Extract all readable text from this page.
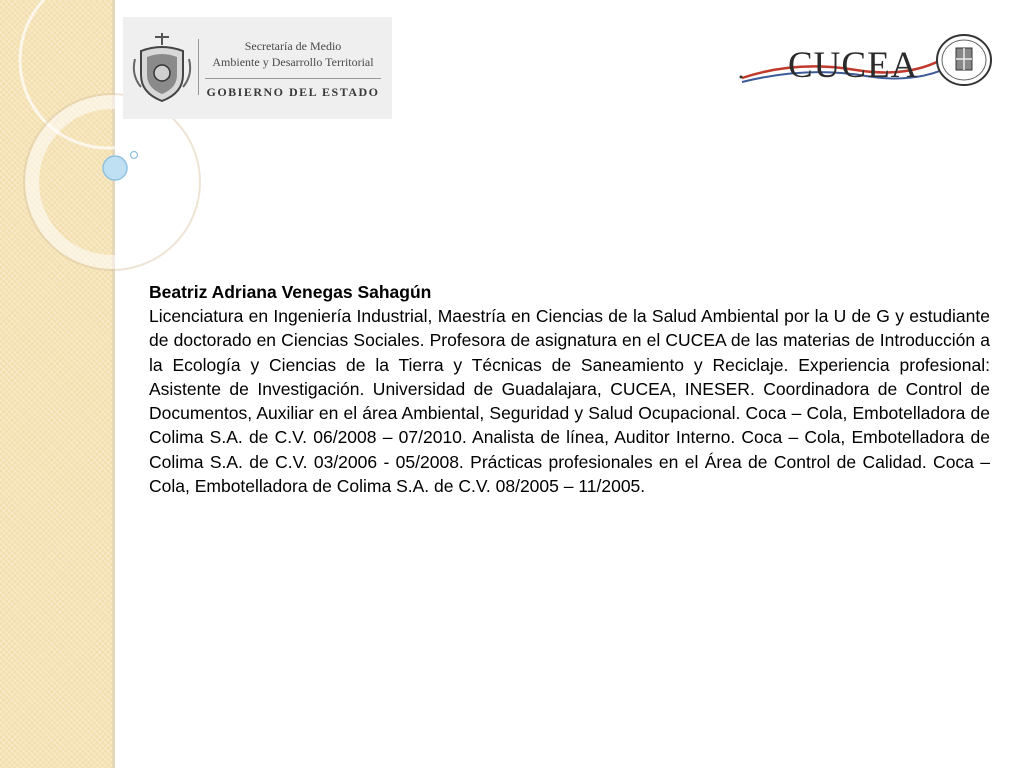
Secretaría de Medio
Ambiente y Desarrollo Territorial
GOBIERNO DEL ESTADO
CUCEA
Beatriz Adriana Venegas Sahagún

Licenciatura en Ingeniería Industrial, Maestría en Ciencias de la Salud Ambiental por la U de G y estudiante de doctorado en Ciencias Sociales. Profesora de asignatura en el CUCEA de las materias de Introducción a la Ecología y Ciencias de la Tierra y Técnicas de Saneamiento y Reciclaje. Experiencia profesional: Asistente de Investigación. Universidad de Guadalajara, CUCEA, INESER. Coordinadora de Control de Documentos, Auxiliar en el área Ambiental, Seguridad y Salud Ocupacional. Coca – Cola, Embotelladora de Colima S.A. de C.V. 06/2008 – 07/2010. Analista de línea, Auditor Interno. Coca – Cola, Embotelladora de Colima S.A. de C.V. 03/2006 - 05/2008. Prácticas profesionales en el Área de Control de Calidad. Coca – Cola, Embotelladora de Colima S.A. de C.V. 08/2005 – 11/2005.
